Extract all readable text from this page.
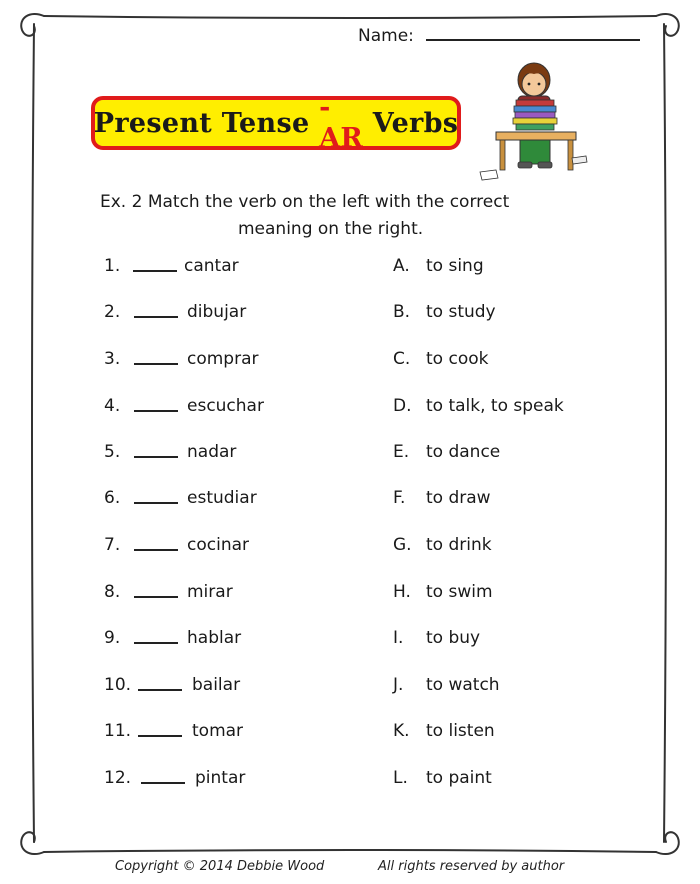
Name:
Present Tense -AR Verbs
Ex. 2 Match the verb on the left with the correct
meaning on the right.
1.	cantar	A. to sing
2.	dibujar	B. to study
3.	comprar	C. to cook
4.	escuchar	D. to talk, to speak
5.	nadar	E. to dance
6.	estudiar	F. to draw
7.	cocinar	G. to drink
8.	mirar	H. to swim
9.	hablar	I. to buy
10.	bailar	J. to watch
11.	tomar	K. to listen
12.	pintar	L. to paint
Copyright © 2014 Debbie Wood	All rights reserved by author
